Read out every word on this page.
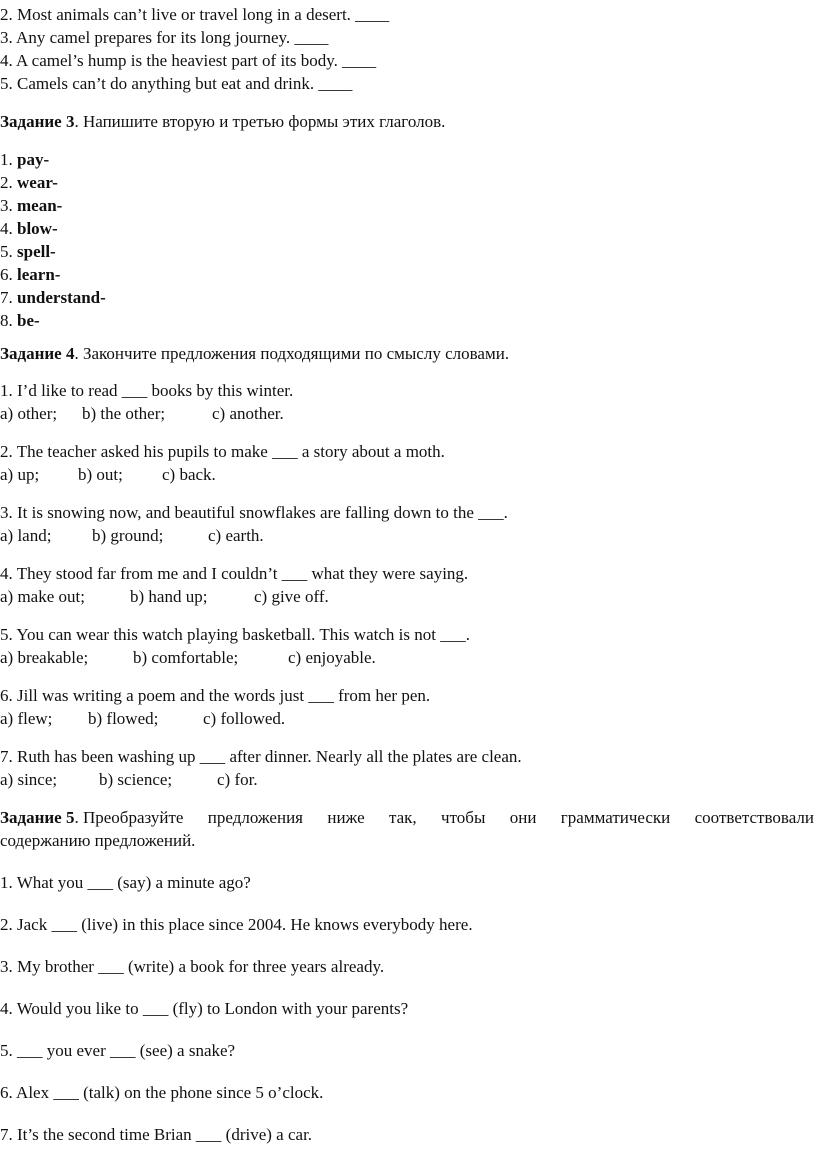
2. Most animals can’t live or travel long in a desert. ____
3. Any camel prepares for its long journey. ____
4. A camel’s hump is the heaviest part of its body. ____
5. Camels can’t do anything but eat and drink. ____
Задание 3. Напишите вторую и третью формы этих глаголов.
1. pay-
2. wear-
3. mean-
4. blow-
5. spell-
6. learn-
7. understand-
8. be-
Задание 4. Закончите предложения подходящими по смыслу словами.
1. I’d like to read ___ books by this winter.
a) other; b) the other;	c) another.
2. The teacher asked his pupils to make ___ a story about a moth.
a) up; b) out; c) back.
3. It is snowing now, and beautiful snowflakes are falling down to the ___.
a) land; b) ground;	c) earth.
4. They stood far from me and I couldn’t ___ what they were saying.
a) make out;	b) hand up;	c) give off.
5. You can wear this watch playing basketball. This watch is not ___.
a) breakable;	b) comfortable;	c) enjoyable.
6. Jill was writing a poem and the words just ___ from her pen.
a) flew; b) flowed;	c) followed.
7. Ruth has been washing up ___ after dinner. Nearly all the plates are clean.
a) since; b) science;	c) for.
Задание 5. Преобразуйте предложения ниже так, чтобы они грамматически соответствовали
содержанию предложений.
1. What you ___ (say) a minute ago?
2. Jack ___ (live) in this place since 2004. He knows everybody here.
3. My brother ___ (write) a book for three years already.
4. Would you like to ___ (fly) to London with your parents?
5. ___ you ever ___ (see) a snake?
6. Alex ___ (talk) on the phone since 5 o’clock.
7. It’s the second time Brian ___ (drive) a car.
